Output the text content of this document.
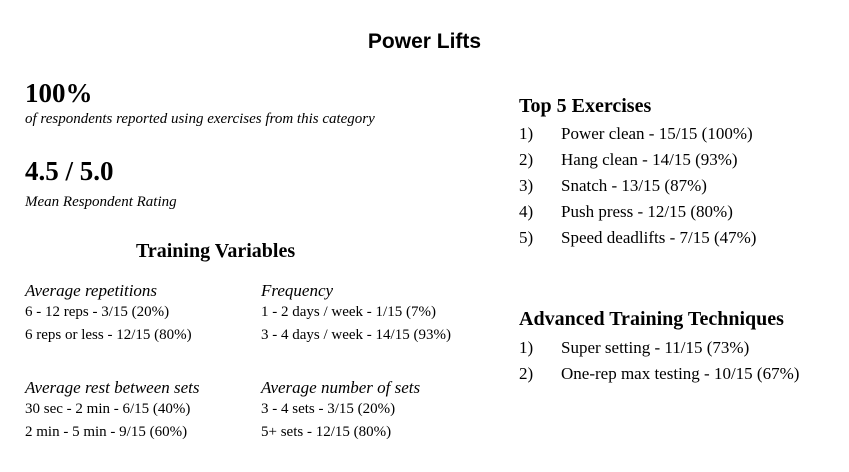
Power Lifts
100%
of respondents reported using exercises from this category
4.5 / 5.0
Mean Respondent Rating
Training Variables
Average repetitions
6 - 12 reps - 3/15 (20%)
6 reps or less - 12/15 (80%)
Frequency
1 - 2 days / week - 1/15 (7%)
3 - 4 days / week - 14/15 (93%)
Average rest between sets
30 sec - 2 min - 6/15 (40%)
2 min - 5 min - 9/15 (60%)
Average number of sets
3 - 4 sets - 3/15 (20%)
5+ sets - 12/15 (80%)
Top 5 Exercises
1)	Power clean - 15/15 (100%)
2)	Hang clean - 14/15 (93%)
3)	Snatch - 13/15 (87%)
4)	Push press - 12/15 (80%)
5)	Speed deadlifts - 7/15 (47%)
Advanced Training Techniques
1)	Super setting - 11/15 (73%)
2)	One-rep max testing - 10/15 (67%)
